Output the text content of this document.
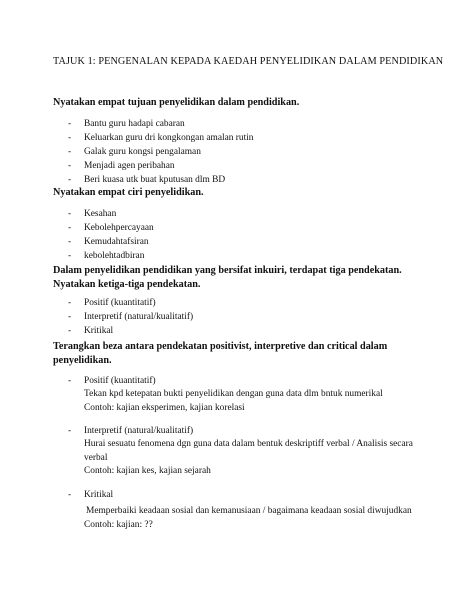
TAJUK 1: PENGENALAN KEPADA KAEDAH PENYELIDIKAN DALAM PENDIDIKAN
Nyatakan empat tujuan penyelidikan dalam pendidikan.
- Bantu guru hadapi cabaran
- Keluarkan guru dri kongkongan amalan rutin
- Galak guru kongsi pengalaman
- Menjadi agen peribahan
- Beri kuasa utk buat kputusan dlm BD
Nyatakan empat ciri penyelidikan.
- Kesahan
- Kebolehpercayaan
- Kemudahtafsiran
- kebolehtadbiran
Dalam penyelidikan pendidikan yang bersifat inkuiri, terdapat tiga pendekatan. Nyatakan ketiga-tiga pendekatan.
- Positif (kuantitatif)
- Interpretif (natural/kualitatif)
- Kritikal
Terangkan beza antara pendekatan positivist, interpretive dan critical dalam penyelidikan.
- Positif (kuantitatif)
Tekan kpd ketepatan bukti penyelidikan dengan guna data dlm bntuk numerikal
Contoh: kajian eksperimen, kajian korelasi
- Interpretif (natural/kualitatif)
Hurai sesuatu fenomena dgn guna data dalam bentuk deskriptiff verbal / Analisis secara verbal
Contoh: kajian kes, kajian sejarah
- Kritikal
Memperbaiki keadaan sosial dan kemanusiaan / bagaimana keadaan sosial diwujudkan
Contoh: kajian: ??
